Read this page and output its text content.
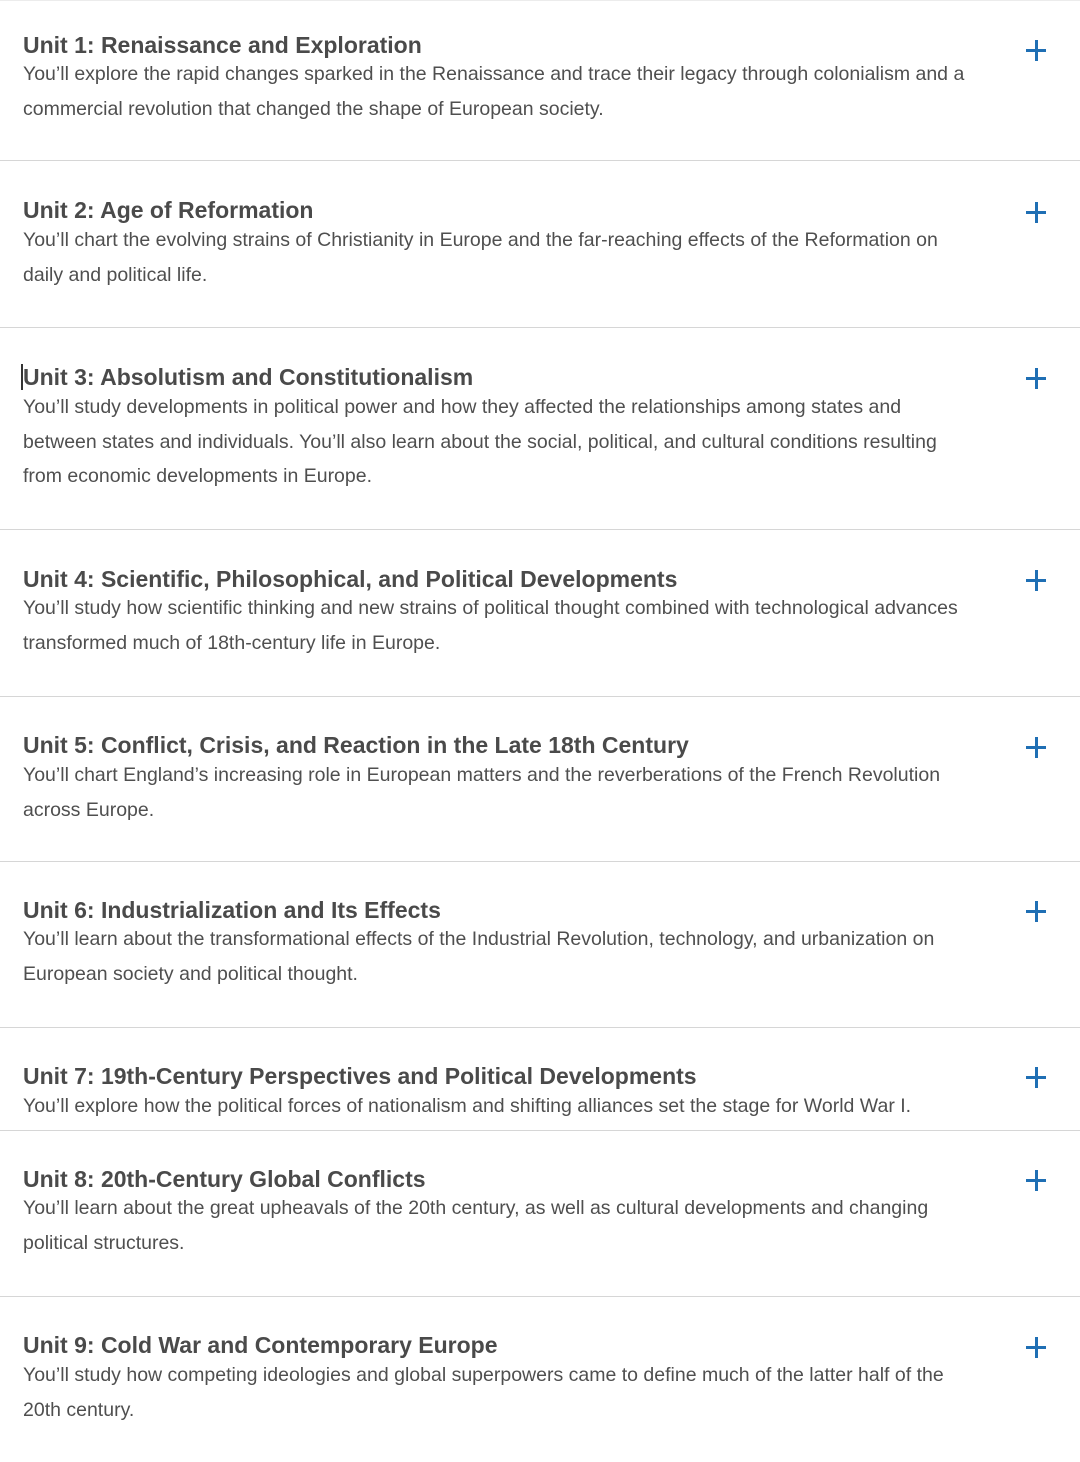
Unit 1: Renaissance and Exploration

You’ll explore the rapid changes sparked in the Renaissance and trace their legacy through colonialism and a commercial revolution that changed the shape of European society.

Unit 2: Age of Reformation

You’ll chart the evolving strains of Christianity in Europe and the far-reaching effects of the Reformation on daily and political life.

Unit 3: Absolutism and Constitutionalism

You’ll study developments in political power and how they affected the relationships among states and between states and individuals. You’ll also learn about the social, political, and cultural conditions resulting from economic developments in Europe.

Unit 4: Scientific, Philosophical, and Political Developments

You’ll study how scientific thinking and new strains of political thought combined with technological advances transformed much of 18th-century life in Europe.

Unit 5: Conflict, Crisis, and Reaction in the Late 18th Century

You’ll chart England’s increasing role in European matters and the reverberations of the French Revolution across Europe.

Unit 6: Industrialization and Its Effects

You’ll learn about the transformational effects of the Industrial Revolution, technology, and urbanization on European society and political thought.

Unit 7: 19th-Century Perspectives and Political Developments

You’ll explore how the political forces of nationalism and shifting alliances set the stage for World War I.

Unit 8: 20th-Century Global Conflicts

You’ll learn about the great upheavals of the 20th century, as well as cultural developments and changing political structures.

Unit 9: Cold War and Contemporary Europe

You’ll study how competing ideologies and global superpowers came to define much of the latter half of the 20th century.
